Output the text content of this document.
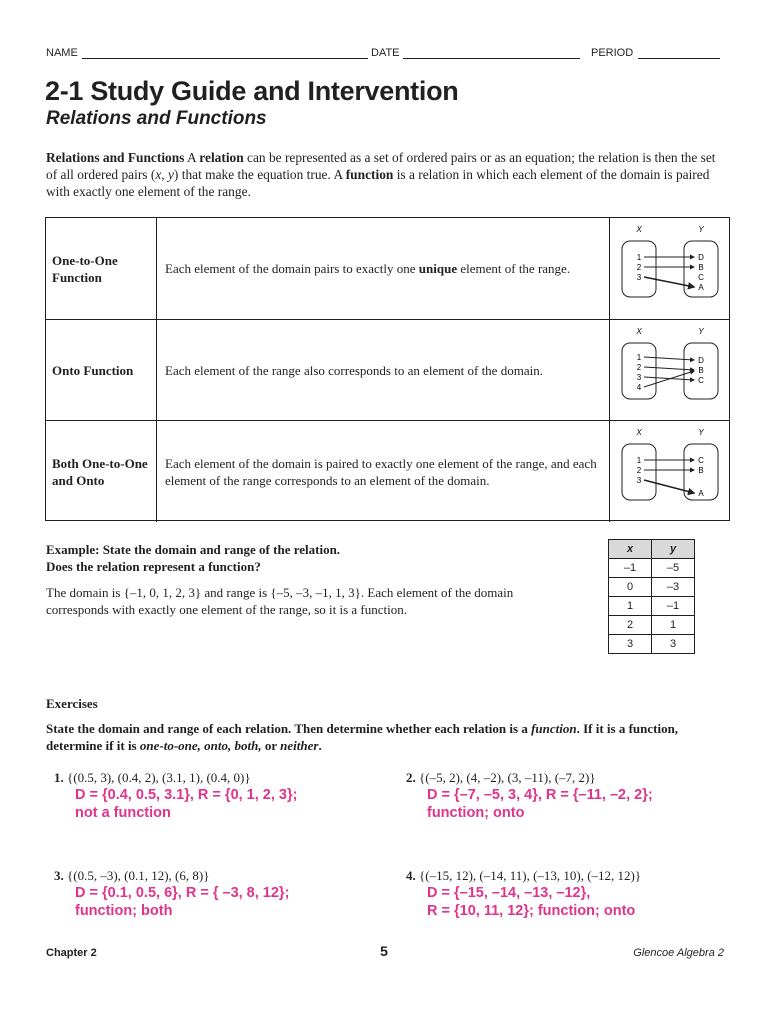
NAME	DATE	PERIOD
2-1 Study Guide and Intervention
Relations and Functions
Relations and Functions A relation can be represented as a set of ordered pairs or as an equation; the relation is then the set of all ordered pairs (x, y) that make the equation true. A function is a relation in which each element of the domain is paired with exactly one element of the range.
One-to-One Function
Each element of the domain pairs to exactly one unique element of the range.
X	Y
1
2
3
D
B
C
A
Onto Function	Each element of the range also corresponds to an element of the domain.
X	Y
1
2
3
4
D
B
C
Both One-to-One and Onto
Each element of the domain is paired to exactly one element of the range, and each element of the range corresponds to an element of the domain.
X	Y
1
2
3
C
B
A
Example: State the domain and range of the relation.
Does the relation represent a function?
The domain is {–1, 0, 1, 2, 3} and range is {–5, –3, –1, 1, 3}. Each element of the domain corresponds with exactly one element of the range, so it is a function.
x	y
–1	–5
0	–3
1	–1
2	1
3	3
Exercises
State the domain and range of each relation. Then determine whether each relation is a function. If it is a function, determine if it is one-to-one, onto, both, or neither.
1. {(0.5, 3), (0.4, 2), (3.1, 1), (0.4, 0)}
D = {0.4, 0.5, 3.1}, R = {0, 1, 2, 3};
not a function
2. {(–5, 2), (4, –2), (3, –11), (–7, 2)}
D = {–7, –5, 3, 4}, R = {–11, –2, 2};
function; onto
3. {(0.5, –3), (0.1, 12), (6, 8)}
D = {0.1, 0.5, 6}, R = { –3, 8, 12};
function; both
4. {(–15, 12), (–14, 11), (–13, 10), (–12, 12)}
D = {–15, –14, –13, –12},
R = {10, 11, 12}; function; onto
Chapter 2	5	Glencoe Algebra 2
